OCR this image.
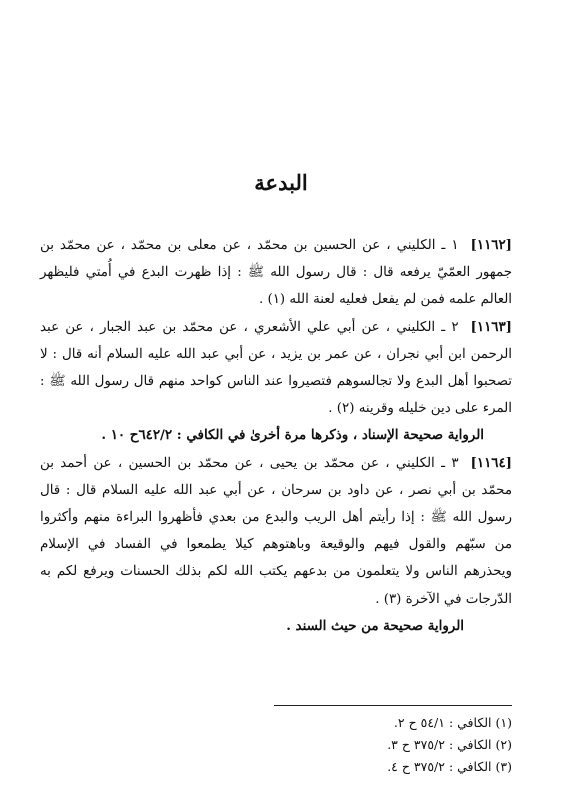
البدعة

[١١٦٢]١ ـ الكليني ، عن الحسين بن محمّد ، عن معلى بن محمّد ، عن محمّد بن جمهور العمّيّ يرفعه قال : قال رسول الله ﷺ : إذا ظهرت البدع في أُمتي فليظهر العالم علمه فمن لم يفعل فعليه لعنة الله (١) .

[١١٦٣]٢ ـ الكليني ، عن أبي علي الأشعري ، عن محمّد بن عبد الجبار ، عن عبد الرحمن ابن أبي نجران ، عن عمر بن يزيد ، عن أبي عبد الله عليه السلام أنه قال : لا تصحبوا أهل البدع ولا تجالسوهم فتصيروا عند الناس كواحد منهم قال رسول الله ﷺ : المرء على دين خليله وقرينه (٢) .

الرواية صحيحة الإسناد ، وذكرها مرة أخرىٰ في الكافي : ٦٤٢/٢ح ١٠ .

[١١٦٤]٣ ـ الكليني ، عن محمّد بن يحيى ، عن محمّد بن الحسين ، عن أحمد بن محمّد بن أبي نصر ، عن داود بن سرحان ، عن أبي عبد الله عليه السلام قال : قال رسول الله ﷺ : إذا رأيتم أهل الريب والبدع من بعدي فأظهروا البراءة منهم وأكثروا من سبّهم والقول فيهم والوقيعة وباهتوهم كيلا يطمعوا في الفساد في الإسلام ويحذرهم الناس ولا يتعلمون من بدعهم يكتب الله لكم بذلك الحسنات ويرفع لكم به الدّرجات في الآخرة (٣) .

الرواية صحيحة من حيث السند .

(١) الكافي : ٥٤/١ ح ٢.

(٢) الكافي : ٣٧٥/٢ ح ٣.

(٣) الكافي : ٣٧٥/٢ ح ٤.
